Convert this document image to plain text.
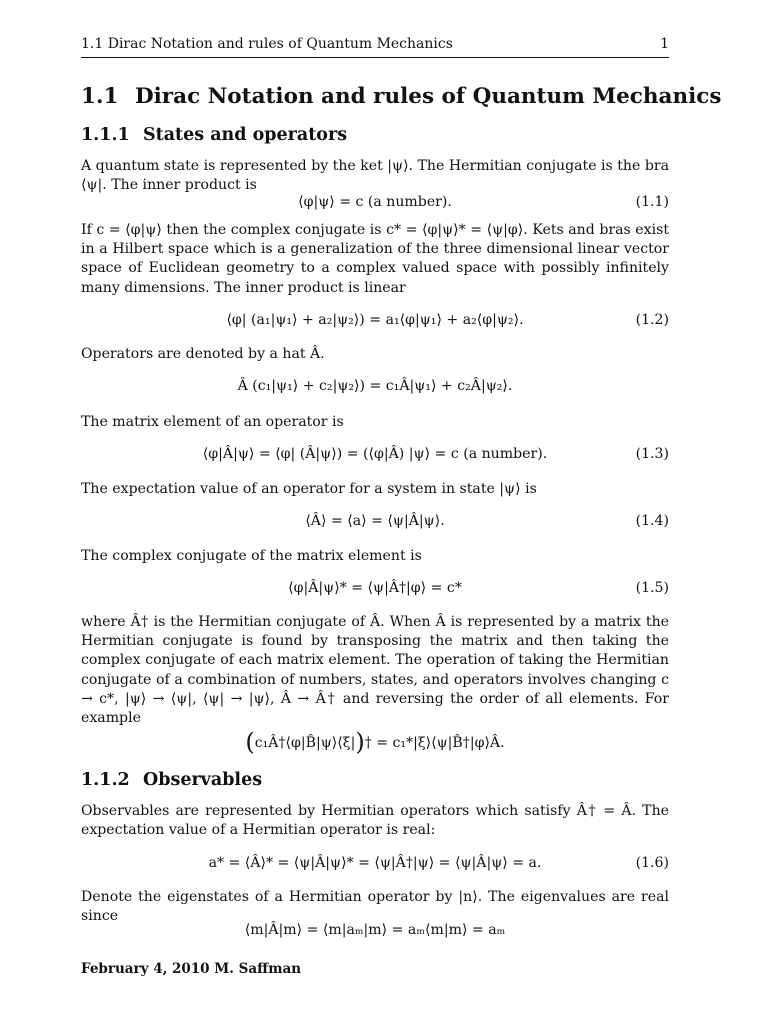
1.1 Dirac Notation and rules of Quantum Mechanics	1
1.1 Dirac Notation and rules of Quantum Mechanics
1.1.1 States and operators

A quantum state is represented by the ket |ψ⟩. The Hermitian conjugate is the bra ⟨ψ|. The inner product is

⟨φ|ψ⟩ = c (a number).	(1.1)

If c = ⟨φ|ψ⟩ then the complex conjugate is c* = ⟨φ|ψ⟩* = ⟨ψ|φ⟩. Kets and bras exist in a Hilbert space which is a generalization of the three dimensional linear vector space of Euclidean geometry to a complex valued space with possibly infinitely many dimensions. The inner product is linear

⟨φ| (a₁|ψ₁⟩ + a₂|ψ₂⟩) = a₁⟨φ|ψ₁⟩ + a₂⟨φ|ψ₂⟩.	(1.2)

Operators are denoted by a hat Â.

Â (c₁|ψ₁⟩ + c₂|ψ₂⟩) = c₁Â|ψ₁⟩ + c₂Â|ψ₂⟩.

The matrix element of an operator is

⟨φ|Â|ψ⟩ = ⟨φ| (Â|ψ⟩) = (⟨φ|Â) |ψ⟩ = c (a number).	(1.3)

The expectation value of an operator for a system in state |ψ⟩ is

⟨Â⟩ = ⟨a⟩ = ⟨ψ|Â|ψ⟩.	(1.4)

The complex conjugate of the matrix element is

⟨φ|Â|ψ⟩* = ⟨ψ|Â†|φ⟩ = c*	(1.5)

where Â† is the Hermitian conjugate of Â. When Â is represented by a matrix the Hermitian conjugate is found by transposing the matrix and then taking the complex conjugate of each matrix element. The operation of taking the Hermitian conjugate of a combination of numbers, states, and operators involves changing c → c*, |ψ⟩ → ⟨ψ|, ⟨ψ| → |ψ⟩, Â → Â† and reversing the order of all elements. For example

(c₁Â†⟨φ|B̂|ψ⟩⟨ξ|)† = c₁*|ξ⟩⟨ψ|B̂†|φ⟩Â.
1.1.2 Observables

Observables are represented by Hermitian operators which satisfy Â† = Â. The expectation value of a Hermitian operator is real:

a* = ⟨Â⟩* = ⟨ψ|Â|ψ⟩* = ⟨ψ|Â†|ψ⟩ = ⟨ψ|Â|ψ⟩ = a.	(1.6)

Denote the eigenstates of a Hermitian operator by |n⟩. The eigenvalues are real since

⟨m|Â|m⟩ = ⟨m|aₘ|m⟩ = aₘ⟨m|m⟩ = aₘ
February 4, 2010 M. Saffman
